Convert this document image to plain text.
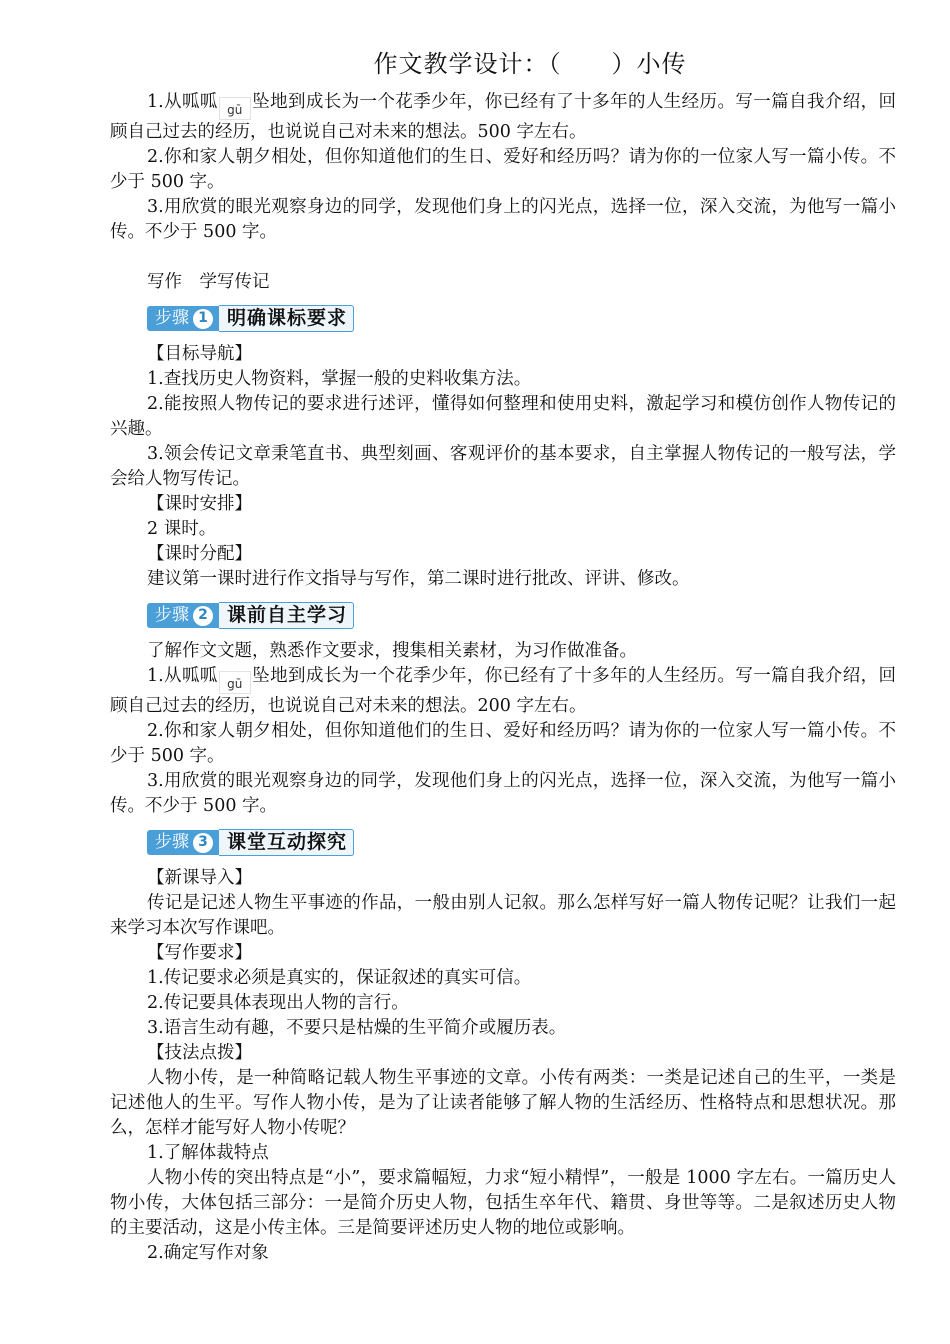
作文教学设计：（　　）小传

1.从呱呱 gū 坠地到成长为一个花季少年，你已经有了十多年的人生经历。写一篇自我介绍，回顾自己过去的经历，也说说自己对未来的想法。500 字左右。

2.你和家人朝夕相处，但你知道他们的生日、爱好和经历吗？请为你的一位家人写一篇小传。不少于 500 字。

3.用欣赏的眼光观察身边的同学，发现他们身上的闪光点，选择一位，深入交流，为他写一篇小传。不少于 500 字。

写作　学写传记

步骤 1	明确课标要求

【目标导航】

1.查找历史人物资料，掌握一般的史料收集方法。

2.能按照人物传记的要求进行述评，懂得如何整理和使用史料，激起学习和模仿创作人物传记的兴趣。

3.领会传记文章秉笔直书、典型刻画、客观评价的基本要求，自主掌握人物传记的一般写法，学会给人物写传记。

【课时安排】

2 课时。

【课时分配】

建议第一课时进行作文指导与写作，第二课时进行批改、评讲、修改。

步骤 2	课前自主学习

了解作文文题，熟悉作文要求，搜集相关素材，为习作做准备。

1.从呱呱 gū 坠地到成长为一个花季少年，你已经有了十多年的人生经历。写一篇自我介绍，回顾自己过去的经历，也说说自己对未来的想法。200 字左右。

2.你和家人朝夕相处，但你知道他们的生日、爱好和经历吗？请为你的一位家人写一篇小传。不少于 500 字。

3.用欣赏的眼光观察身边的同学，发现他们身上的闪光点，选择一位，深入交流，为他写一篇小传。不少于 500 字。

步骤 3	课堂互动探究

【新课导入】

传记是记述人物生平事迹的作品，一般由别人记叙。那么怎样写好一篇人物传记呢？让我们一起来学习本次写作课吧。

【写作要求】

1.传记要求必须是真实的，保证叙述的真实可信。

2.传记要具体表现出人物的言行。

3.语言生动有趣，不要只是枯燥的生平简介或履历表。

【技法点拨】

人物小传，是一种简略记载人物生平事迹的文章。小传有两类：一类是记述自己的生平，一类是记述他人的生平。写作人物小传，是为了让读者能够了解人物的生活经历、性格特点和思想状况。那么，怎样才能写好人物小传呢？

1.了解体裁特点

人物小传的突出特点是“小”，要求篇幅短，力求“短小精悍”，一般是 1000 字左右。一篇历史人物小传，大体包括三部分：一是简介历史人物，包括生卒年代、籍贯、身世等等。二是叙述历史人物的主要活动，这是小传主体。三是简要评述历史人物的地位或影响。

2.确定写作对象
